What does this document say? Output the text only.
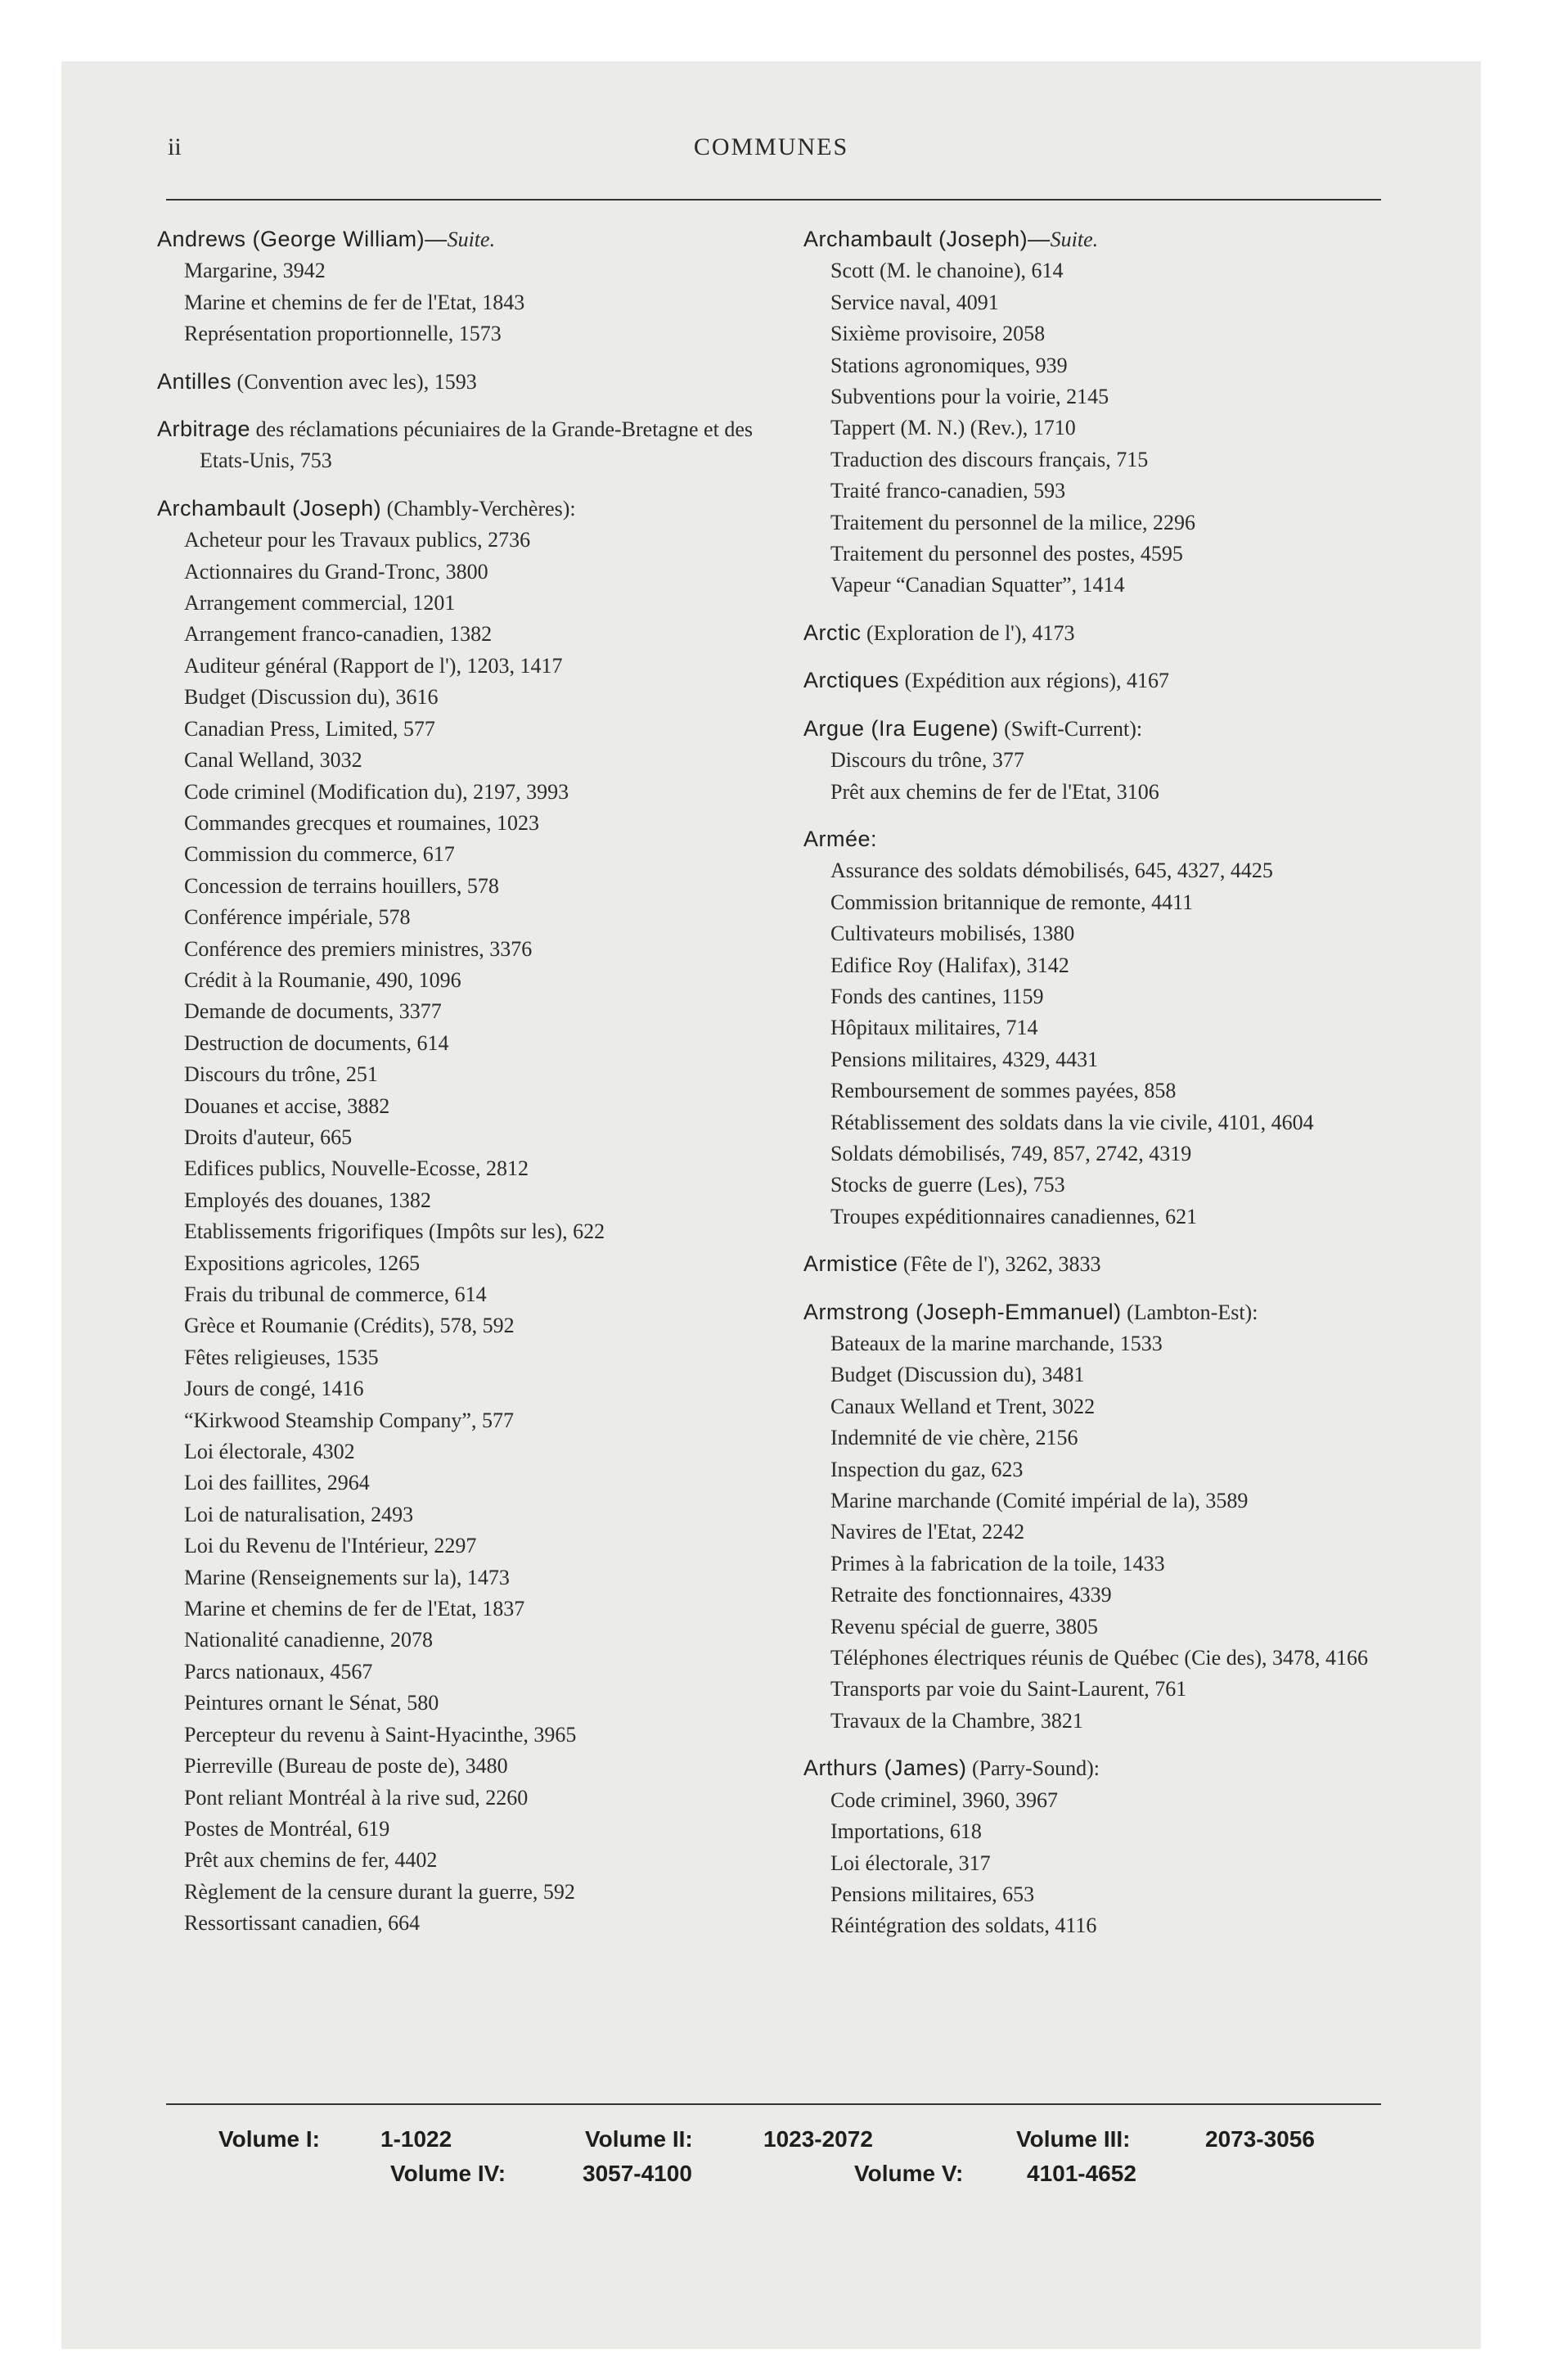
ii	COMMUNES
Andrews (George William)—Suite.
Margarine, 3942
Marine et chemins de fer de l'Etat, 1843
Représentation proportionnelle, 1573
Antilles (Convention avec les), 1593
Arbitrage des réclamations pécuniaires de la Grande-Bretagne et des Etats-Unis, 753
Archambault (Joseph) (Chambly-Verchères):
Acheteur pour les Travaux publics, 2736
Actionnaires du Grand-Tronc, 3800
Arrangement commercial, 1201
Arrangement franco-canadien, 1382
Auditeur général (Rapport de l'), 1203, 1417
Budget (Discussion du), 3616
Canadian Press, Limited, 577
Canal Welland, 3032
Code criminel (Modification du), 2197, 3993
Commandes grecques et roumaines, 1023
Commission du commerce, 617
Concession de terrains houillers, 578
Conférence impériale, 578
Conférence des premiers ministres, 3376
Crédit à la Roumanie, 490, 1096
Demande de documents, 3377
Destruction de documents, 614
Discours du trône, 251
Douanes et accise, 3882
Droits d'auteur, 665
Edifices publics, Nouvelle-Ecosse, 2812
Employés des douanes, 1382
Etablissements frigorifiques (Impôts sur les), 622
Expositions agricoles, 1265
Frais du tribunal de commerce, 614
Grèce et Roumanie (Crédits), 578, 592
Fêtes religieuses, 1535
Jours de congé, 1416
“Kirkwood Steamship Company”, 577
Loi électorale, 4302
Loi des faillites, 2964
Loi de naturalisation, 2493
Loi du Revenu de l'Intérieur, 2297
Marine (Renseignements sur la), 1473
Marine et chemins de fer de l'Etat, 1837
Nationalité canadienne, 2078
Parcs nationaux, 4567
Peintures ornant le Sénat, 580
Percepteur du revenu à Saint-Hyacinthe, 3965
Pierreville (Bureau de poste de), 3480
Pont reliant Montréal à la rive sud, 2260
Postes de Montréal, 619
Prêt aux chemins de fer, 4402
Règlement de la censure durant la guerre, 592
Ressortissant canadien, 664
Archambault (Joseph)—Suite.
Scott (M. le chanoine), 614
Service naval, 4091
Sixième provisoire, 2058
Stations agronomiques, 939
Subventions pour la voirie, 2145
Tappert (M. N.) (Rev.), 1710
Traduction des discours français, 715
Traité franco-canadien, 593
Traitement du personnel de la milice, 2296
Traitement du personnel des postes, 4595
Vapeur “Canadian Squatter”, 1414
Arctic (Exploration de l'), 4173
Arctiques (Expédition aux régions), 4167
Argue (Ira Eugene) (Swift-Current):
Discours du trône, 377
Prêt aux chemins de fer de l'Etat, 3106
Armée:
Assurance des soldats démobilisés, 645, 4327, 4425
Commission britannique de remonte, 4411
Cultivateurs mobilisés, 1380
Edifice Roy (Halifax), 3142
Fonds des cantines, 1159
Hôpitaux militaires, 714
Pensions militaires, 4329, 4431
Remboursement de sommes payées, 858
Rétablissement des soldats dans la vie civile, 4101, 4604
Soldats démobilisés, 749, 857, 2742, 4319
Stocks de guerre (Les), 753
Troupes expéditionnaires canadiennes, 621
Armistice (Fête de l'), 3262, 3833
Armstrong (Joseph-Emmanuel) (Lambton-Est):
Bateaux de la marine marchande, 1533
Budget (Discussion du), 3481
Canaux Welland et Trent, 3022
Indemnité de vie chère, 2156
Inspection du gaz, 623
Marine marchande (Comité impérial de la), 3589
Navires de l'Etat, 2242
Primes à la fabrication de la toile, 1433
Retraite des fonctionnaires, 4339
Revenu spécial de guerre, 3805
Téléphones électriques réunis de Québec (Cie des), 3478, 4166
Transports par voie du Saint-Laurent, 761
Travaux de la Chambre, 3821
Arthurs (James) (Parry-Sound):
Code criminel, 3960, 3967
Importations, 618
Loi électorale, 317
Pensions militaires, 653
Réintégration des soldats, 4116
Volume I:	1-1022	Volume II:	1023-2072	Volume III:	2073-3056
Volume IV:	3057-4100	Volume V:	4101-4652
